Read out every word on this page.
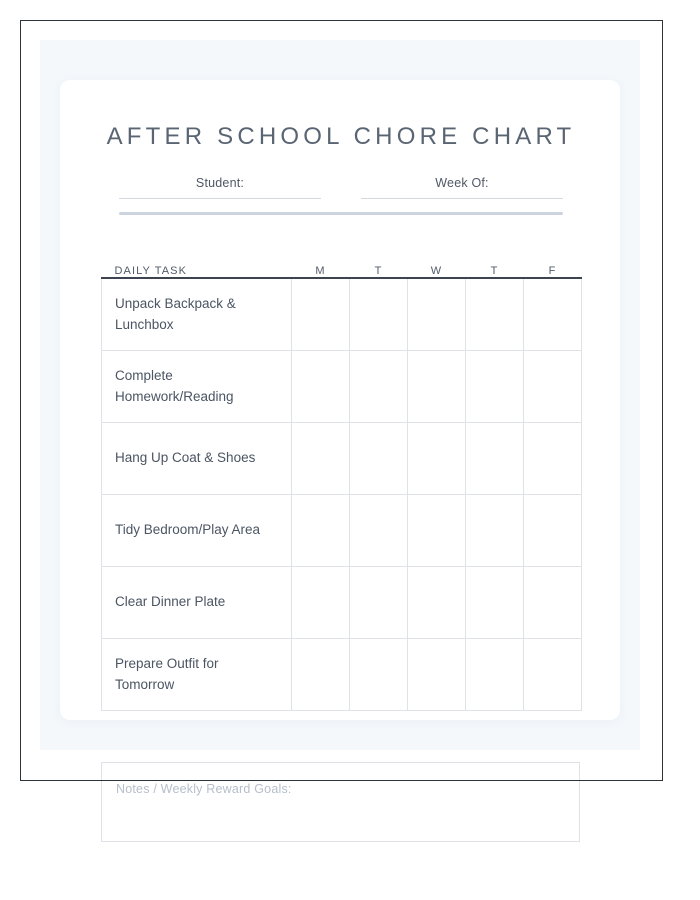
Notes / Weekly Reward Goals:
AFTER SCHOOL CHORE CHART
Student:	Week Of:
DAILY TASK	M	T	W	T	F
Unpack Backpack & Lunchbox					
Complete Homework/Reading					
Hang Up Coat & Shoes					
Tidy Bedroom/Play Area					
Clear Dinner Plate					
Prepare Outfit for Tomorrow					
